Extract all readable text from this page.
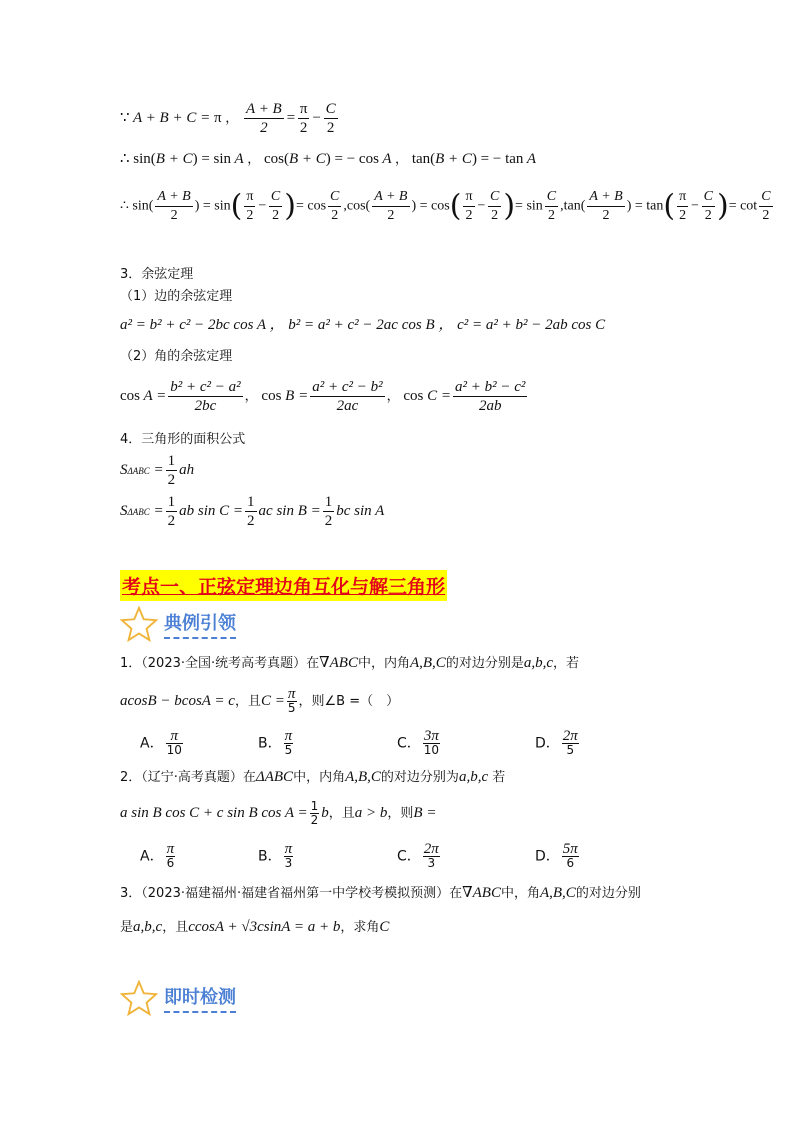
∵ A + B + C = π ， $\frac{A + B}{2} = \frac{\pi}{2} - \frac{C}{2}$
∴ sin(B + C) = sin A ， cos(B + C) = − cos A ， tan(B + C) = − tan A
∴ $\sin( \frac{A + B}{2}$ ) = $\sin( \frac{\pi}{2} - \frac{C}{2}$ )= $\cos \frac{C}{2} ,\cos( \frac{A + B}{2}$ ) = $\cos( \frac{\pi}{2} - \frac{C}{2}$ )= $\sin \frac{C}{2} ,\tan( \frac{A + B}{2}$ ) = $\tan( \frac{\pi}{2} - \frac{C}{2}$ )= $\cot \frac{C}{2}$
3．余弦定理
（1）边的余弦定理
a² = b² + c² − 2bc cos A ， b² = a² + c² − 2ac cos B ， c² = a² + b² − 2ab cos C
（2）角的余弦定理
$\cos A = \frac{\text{b² + c² − a²}}{2bc}$ ， $\cos B = \frac{\text{a² + c² − b²}}{2ac}$ ， $\cos C = \frac{\text{a² + b² − c²}}{2ab}$
4．三角形的面积公式
$S\Delta ABC = \frac{1}{2}$ ah
$S\Delta ABC = \frac{1}{2}$ ab $\sin C = \frac{1}{2}$ ac $\sin B = \frac{1}{2}$ bc sin A
考点一、正弦定理边角互化与解三角形
典例引领
1．（2023·全国·统考高考真题）在∇ABC中，内角A,B,C的对边分别是a,b,c，若
acosB − bcosA = c，且$C = \frac{\pi}{5}$ ，则∠B =（　）
A． $\frac{\pi}{10}$	B． $\frac{\pi}{5}$	C． $\frac{3\pi}{10}$	D． $\frac{2\pi}{5}$
2．（辽宁·高考真题）在ΔABC中，内角A,B,C的对边分别为a,b,c 若
a sin B cos C + c sin B $\cos A = \frac{1}{2}$ b，且a > b，则B =
A． $\frac{\pi}{6}$	B． $\frac{\pi}{3}$	C． $\frac{2\pi}{3}$	D． $\frac{5\pi}{6}$
3．（2023·福建福州·福建省福州第一中学校考模拟预测）在∇ABC中，角A,B,C的对边分别
是a,b,c，且ccosA + √3csinA = a + b，求角C
即时检测
